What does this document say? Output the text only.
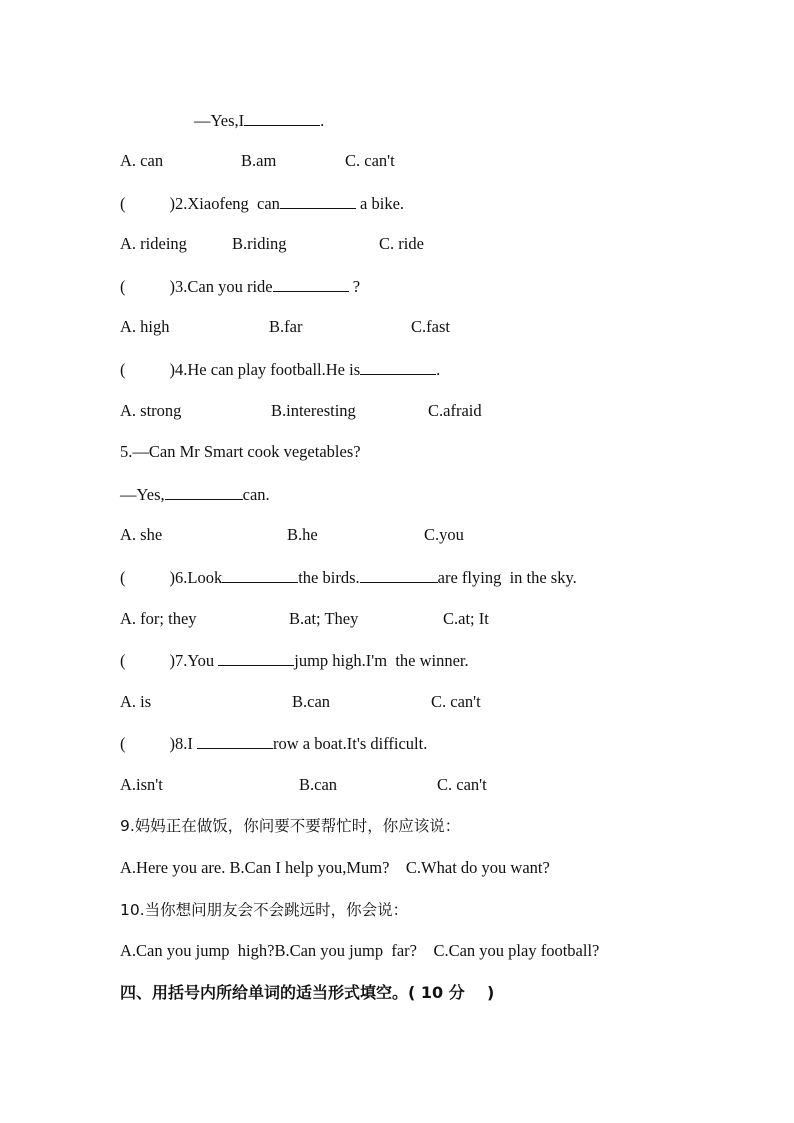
—Yes,I	.
A. can	B.am	C. can't
(	)2.Xiaofeng  can	a bike.
A. rideing	B.riding	C. ride
(	)3.Can you ride	?
A. high	B.far	C.fast
(	)4.He can play football.He is	.
A. strong	B.interesting	C.afraid
5.—Can Mr Smart cook vegetables?
—Yes,	can.
A. she	B.he	C.you
(	)6.Look	the birds.	are flying  in the sky.
A. for; they	B.at; They	C.at; It
(	)7.You	jump high.I'm  the winner.
A. is	B.can	C. can't
(	)8.I	row a boat.It's difficult.
A.isn't	B.can	C. can't
9.妈妈正在做饭，你问要不要帮忙时，你应该说：
A.Here you are. B.Can I help you,Mum?    C.What do you want?
10.当你想问朋友会不会跳远时，你会说：
A.Can you jump  high?B.Can you jump  far?    C.Can you play football?
四、用括号内所给单词的适当形式填空。( 10 分    )
